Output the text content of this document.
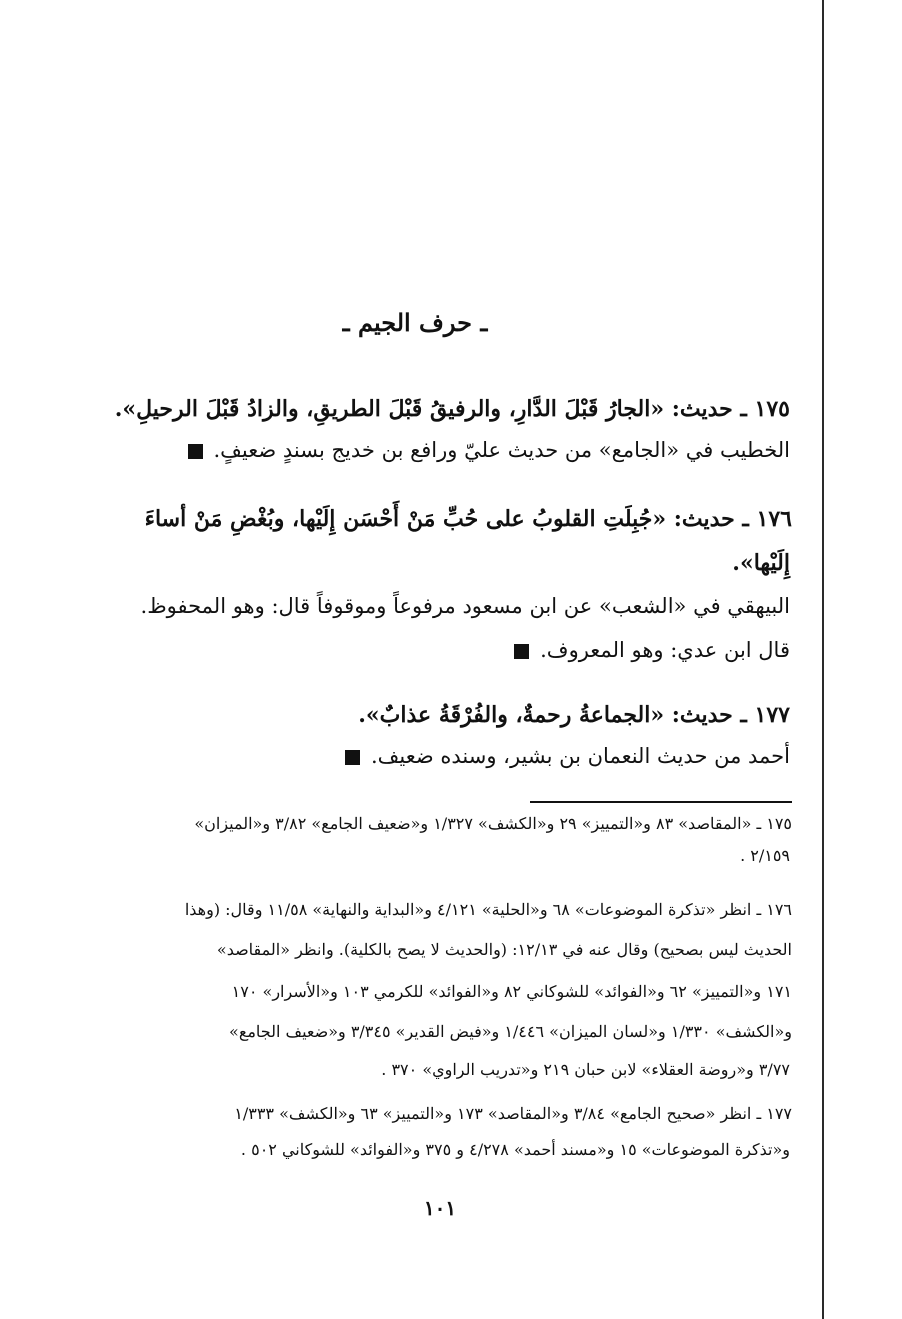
ـ حرف الجيم ـ
١٧٥ ـ حديث: «الجارُ قَبْلَ الدَّارِ، والرفيقُ قَبْلَ الطريقِ، والزادُ قَبْلَ الرحيلِ».
الخطيب في «الجامع» من حديث عليّ ورافع بن خديج بسندٍ ضعيفٍ.
١٧٦ ـ حديث: «جُبِلَتِ القلوبُ على حُبِّ مَنْ أَحْسَن إِلَيْها، وبُغْضِ مَنْ أساءَ
إِلَيْها».
البيهقي في «الشعب» عن ابن مسعود مرفوعاً وموقوفاً قال: وهو المحفوظ.
قال ابن عدي: وهو المعروف.
١٧٧ ـ حديث: «الجماعةُ رحمةٌ، والفُرْقَةُ عذابٌ».
أحمد من حديث النعمان بن بشير، وسنده ضعيف.
١٧٥ ـ «المقاصد» ٨٣ و«التمييز» ٢٩ و«الكشف» ١/٣٢٧ و«ضعيف الجامع» ٣/٨٢ و«الميزان»
٢/١٥٩ .
١٧٦ ـ انظر «تذكرة الموضوعات» ٦٨ و«الحلية» ٤/١٢١ و«البداية والنهاية» ١١/٥٨ وقال: (وهذا
الحديث ليس بصحيح) وقال عنه في ١٢/١٣: (والحديث لا يصح بالكلية). وانظر «المقاصد»
١٧١ و«التمييز» ٦٢ و«الفوائد» للشوكاني ٨٢ و«الفوائد» للكرمي ١٠٣ و«الأسرار» ١٧٠
و«الكشف» ١/٣٣٠ و«لسان الميزان» ١/٤٤٦ و«فيض القدير» ٣/٣٤٥ و«ضعيف الجامع»
٣/٧٧ و«روضة العقلاء» لابن حبان ٢١٩ و«تدريب الراوي» ٣٧٠ .
١٧٧ ـ انظر «صحيح الجامع» ٣/٨٤ و«المقاصد» ١٧٣ و«التمييز» ٦٣ و«الكشف» ١/٣٣٣
و«تذكرة الموضوعات» ١٥ و«مسند أحمد» ٤/٢٧٨ و ٣٧٥ و«الفوائد» للشوكاني ٥٠٢ .
١٠١
